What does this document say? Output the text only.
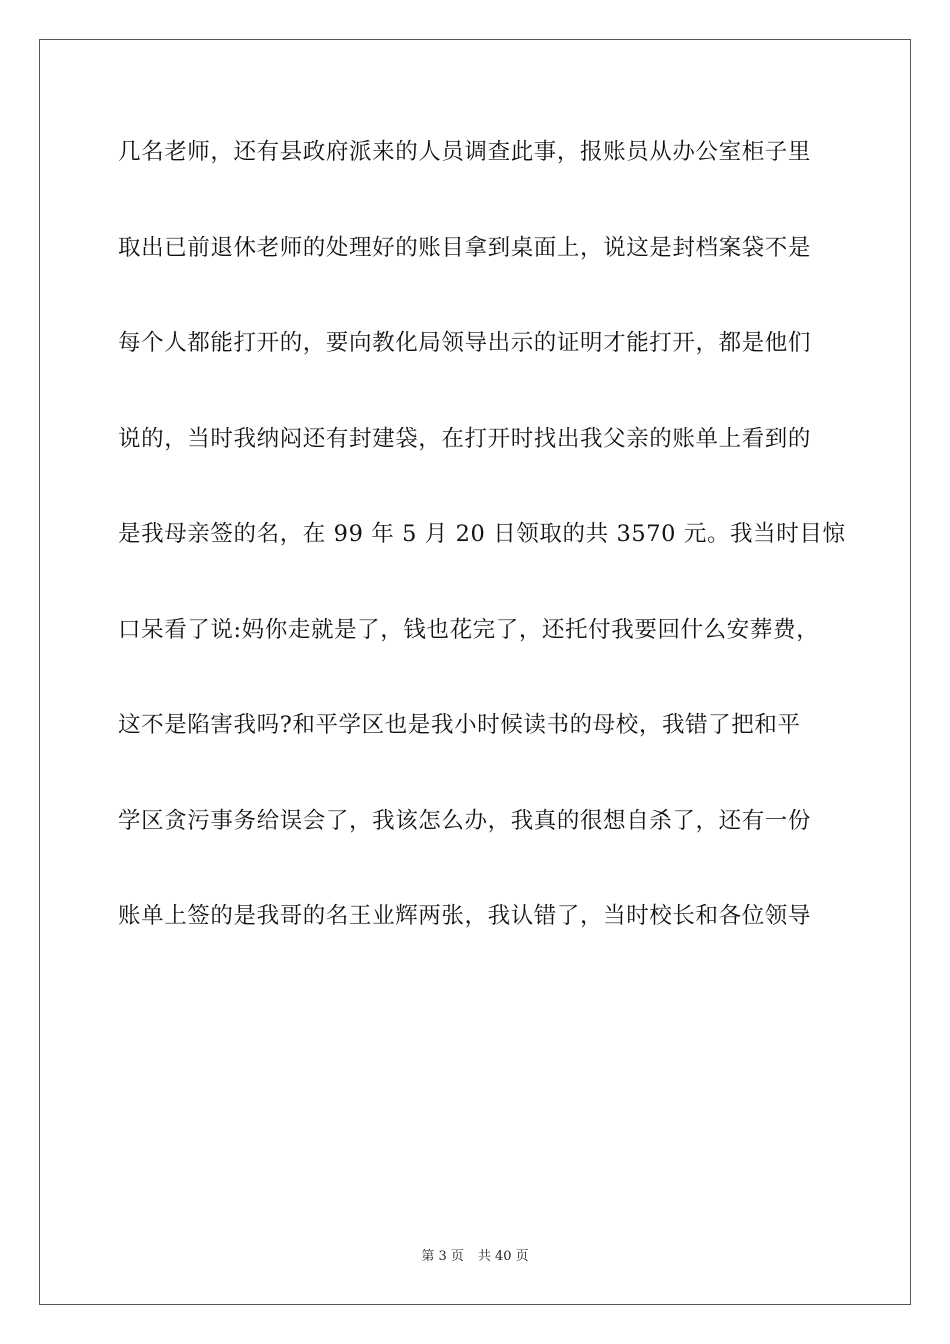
几名老师，还有县政府派来的人员调查此事，报账员从办公室柜子里
取出已前退休老师的处理好的账目拿到桌面上，说这是封档案袋不是
每个人都能打开的，要向教化局领导出示的证明才能打开，都是他们
说的，当时我纳闷还有封建袋，在打开时找出我父亲的账单上看到的
是我母亲签的名，在 99 年 5 月 20 日领取的共 3570 元。我当时目惊
口呆看了说:妈你走就是了，钱也花完了，还托付我要回什么安葬费，
这不是陷害我吗?和平学区也是我小时候读书的母校，我错了把和平
学区贪污事务给误会了，我该怎么办，我真的很想自杀了，还有一份
账单上签的是我哥的名王业辉两张，我认错了，当时校长和各位领导
第 3 页 共 40 页
